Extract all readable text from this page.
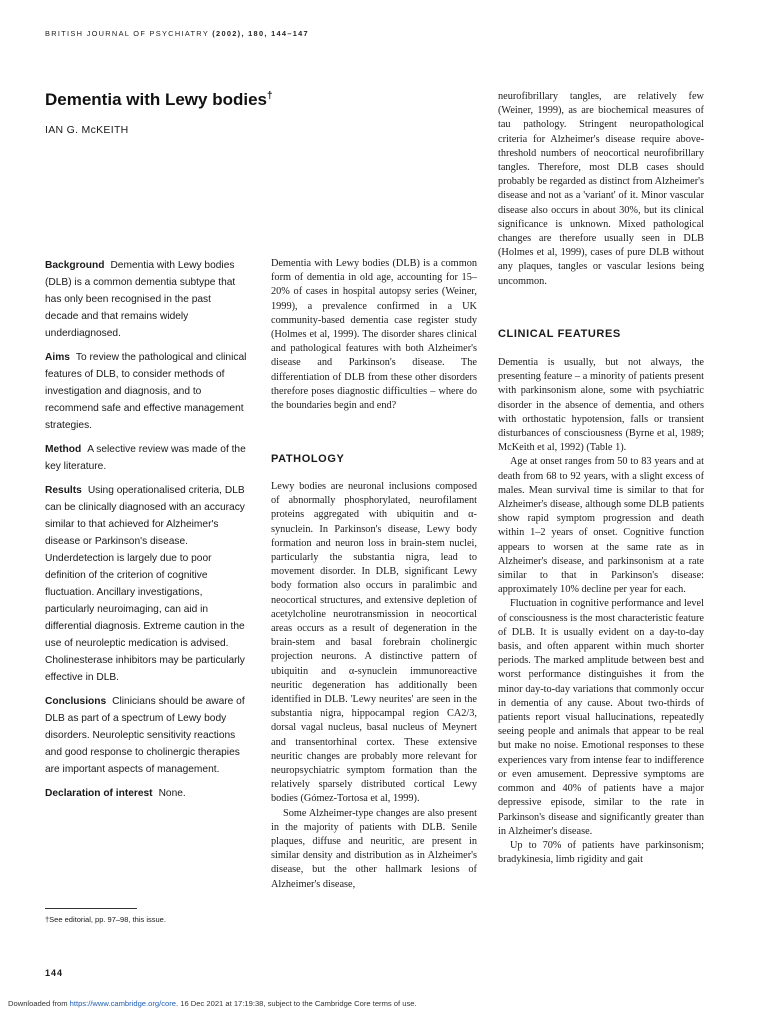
BRITISH JOURNAL OF PSYCHIATRY (2002), 180, 144–147
Dementia with Lewy bodies†
IAN G. McKEITH

Background Dementia with Lewy bodies (DLB) is a common dementia subtype that has only been recognised in the past decade and that remains widely underdiagnosed.

Aims To review the pathological and clinical features of DLB, to consider methods of investigation and diagnosis, and to recommend safe and effective management strategies.

Method A selective review was made of the key literature.

Results Using operationalised criteria, DLB can be clinically diagnosed with an accuracy similar to that achieved for Alzheimer's disease or Parkinson's disease. Underdetection is largely due to poor definition of the criterion of cognitive fluctuation. Ancillary investigations, particularly neuroimaging, can aid in differential diagnosis. Extreme caution in the use of neuroleptic medication is advised. Cholinesterase inhibitors may be particularly effective in DLB.

Conclusions Clinicians should be aware of DLB as part of a spectrum of Lewy body disorders. Neuroleptic sensitivity reactions and good response to cholinergic therapies are important aspects of management.

Declaration of interest None.

Dementia with Lewy bodies (DLB) is a common form of dementia in old age, accounting for 15–20% of cases in hospital autopsy series (Weiner, 1999), a prevalence confirmed in a UK community-based dementia case register study (Holmes et al, 1999). The disorder shares clinical and pathological features with both Alzheimer's disease and Parkinson's disease. The differentiation of DLB from these other disorders therefore poses diagnostic difficulties – where do the boundaries begin and end?

PATHOLOGY

Lewy bodies are neuronal inclusions composed of abnormally phosphorylated, neurofilament proteins aggregated with ubiquitin and α-synuclein. In Parkinson's disease, Lewy body formation and neuron loss in brain-stem nuclei, particularly the substantia nigra, lead to movement disorder. In DLB, significant Lewy body formation also occurs in paralimbic and neocortical structures, and extensive depletion of acetylcholine neurotransmission in neocortical areas occurs as a result of degeneration in the brain-stem and basal forebrain cholinergic projection neurons. A distinctive pattern of ubiquitin and α-synuclein immunoreactive neuritic degeneration has additionally been identified in DLB. 'Lewy neurites' are seen in the substantia nigra, hippocampal region CA2/3, dorsal vagal nucleus, basal nucleus of Meynert and transentorhinal cortex. These extensive neuritic changes are probably more relevant for neuropsychiatric symptom formation than the relatively sparsely distributed cortical Lewy bodies (Gómez-Tortosa et al, 1999).

Some Alzheimer-type changes are also present in the majority of patients with DLB. Senile plaques, diffuse and neuritic, are present in similar density and distribution as in Alzheimer's disease, but the other hallmark lesions of Alzheimer's disease,

neurofibrillary tangles, are relatively few (Weiner, 1999), as are biochemical measures of tau pathology. Stringent neuropathological criteria for Alzheimer's disease require above-threshold numbers of neocortical neurofibrillary tangles. Therefore, most DLB cases should probably be regarded as distinct from Alzheimer's disease and not as a 'variant' of it. Minor vascular disease also occurs in about 30%, but its clinical significance is unknown. Mixed pathological changes are therefore usually seen in DLB (Holmes et al, 1999), cases of pure DLB without any plaques, tangles or vascular lesions being uncommon.

CLINICAL FEATURES

Dementia is usually, but not always, the presenting feature – a minority of patients present with parkinsonism alone, some with psychiatric disorder in the absence of dementia, and others with orthostatic hypotension, falls or transient disturbances of consciousness (Byrne et al, 1989; McKeith et al, 1992) (Table 1).

Age at onset ranges from 50 to 83 years and at death from 68 to 92 years, with a slight excess of males. Mean survival time is similar to that for Alzheimer's disease, although some DLB patients show rapid symptom progression and death within 1–2 years of onset. Cognitive function appears to worsen at the same rate as in Alzheimer's disease, and parkinsonism at a rate similar to that in Parkinson's disease: approximately 10% decline per year for each.

Fluctuation in cognitive performance and level of consciousness is the most characteristic feature of DLB. It is usually evident on a day-to-day basis, and often apparent within much shorter periods. The marked amplitude between best and worst performance distinguishes it from the minor day-to-day variations that commonly occur in dementia of any cause. About two-thirds of patients report visual hallucinations, repeatedly seeing people and animals that appear to be real but make no noise. Emotional responses to these experiences vary from intense fear to indifference or even amusement. Depressive symptoms are common and 40% of patients have a major depressive episode, similar to the rate in Parkinson's disease and significantly greater than in Alzheimer's disease.

Up to 70% of patients have parkinsonism; bradykinesia, limb rigidity and gait

†See editorial, pp. 97–98, this issue.
144
Downloaded from https://www.cambridge.org/core. 16 Dec 2021 at 17:19:38, subject to the Cambridge Core terms of use.
